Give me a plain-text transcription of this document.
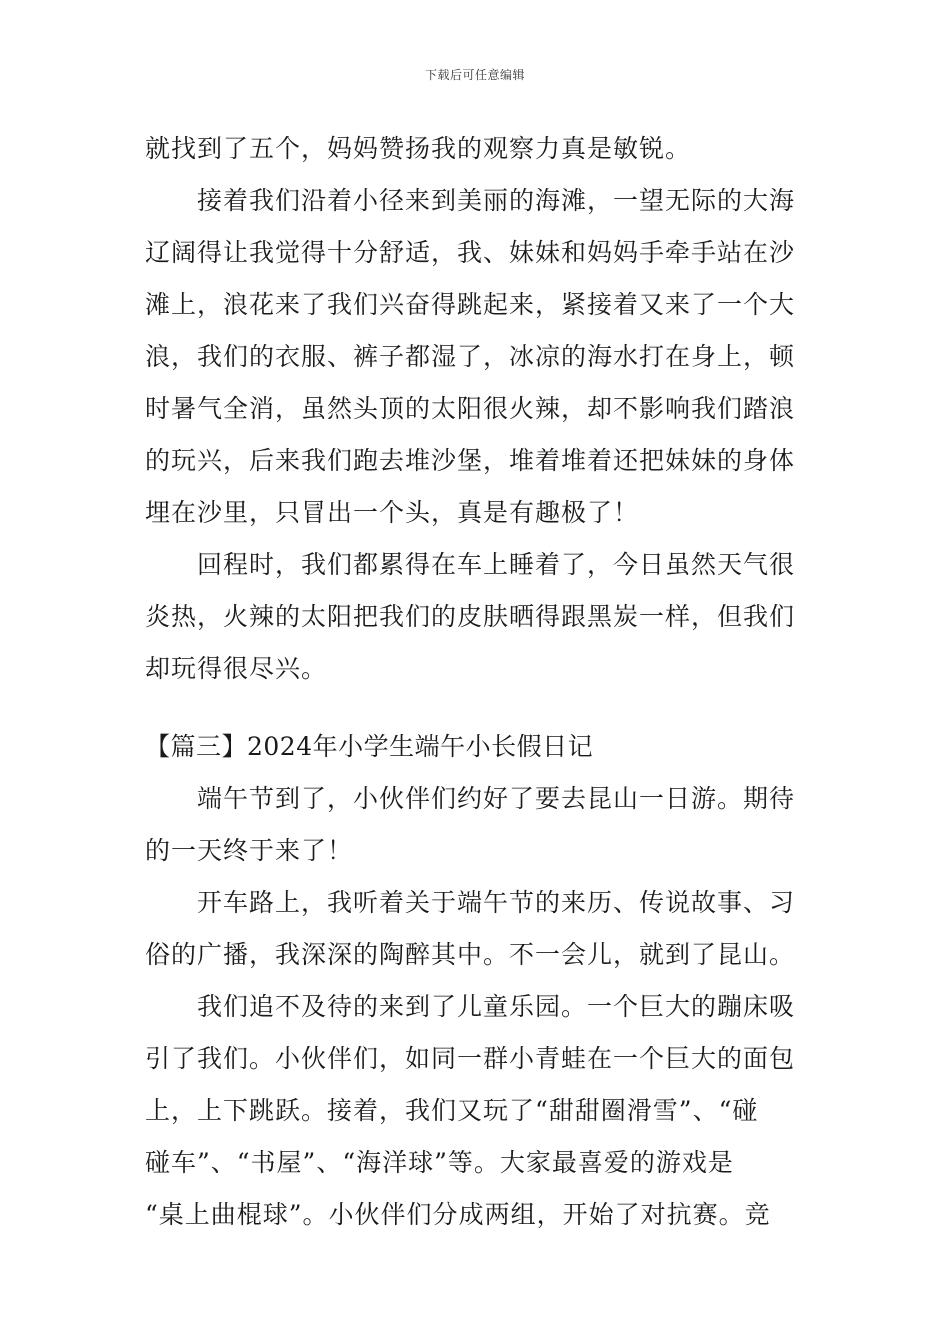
下载后可任意编辑
就找到了五个，妈妈赞扬我的观察力真是敏锐。
接着我们沿着小径来到美丽的海滩，一望无际的大海
辽阔得让我觉得十分舒适，我、妹妹和妈妈手牵手站在沙
滩上，浪花来了我们兴奋得跳起来，紧接着又来了一个大
浪，我们的衣服、裤子都湿了，冰凉的海水打在身上，顿
时暑气全消，虽然头顶的太阳很火辣，却不影响我们踏浪
的玩兴，后来我们跑去堆沙堡，堆着堆着还把妹妹的身体
埋在沙里，只冒出一个头，真是有趣极了！
回程时，我们都累得在车上睡着了，今日虽然天气很
炎热，火辣的太阳把我们的皮肤晒得跟黑炭一样，但我们
却玩得很尽兴。
【篇三】2024年小学生端午小长假日记
端午节到了，小伙伴们约好了要去昆山一日游。期待
的一天终于来了！
开车路上，我听着关于端午节的来历、传说故事、习
俗的广播，我深深的陶醉其中。不一会儿，就到了昆山。
我们追不及待的来到了儿童乐园。一个巨大的蹦床吸
引了我们。小伙伴们，如同一群小青蛙在一个巨大的面包
上，上下跳跃。接着，我们又玩了“甜甜圈滑雪”、“碰
碰车”、“书屋”、“海洋球”等。大家最喜爱的游戏是
“桌上曲棍球”。小伙伴们分成两组，开始了对抗赛。竞
